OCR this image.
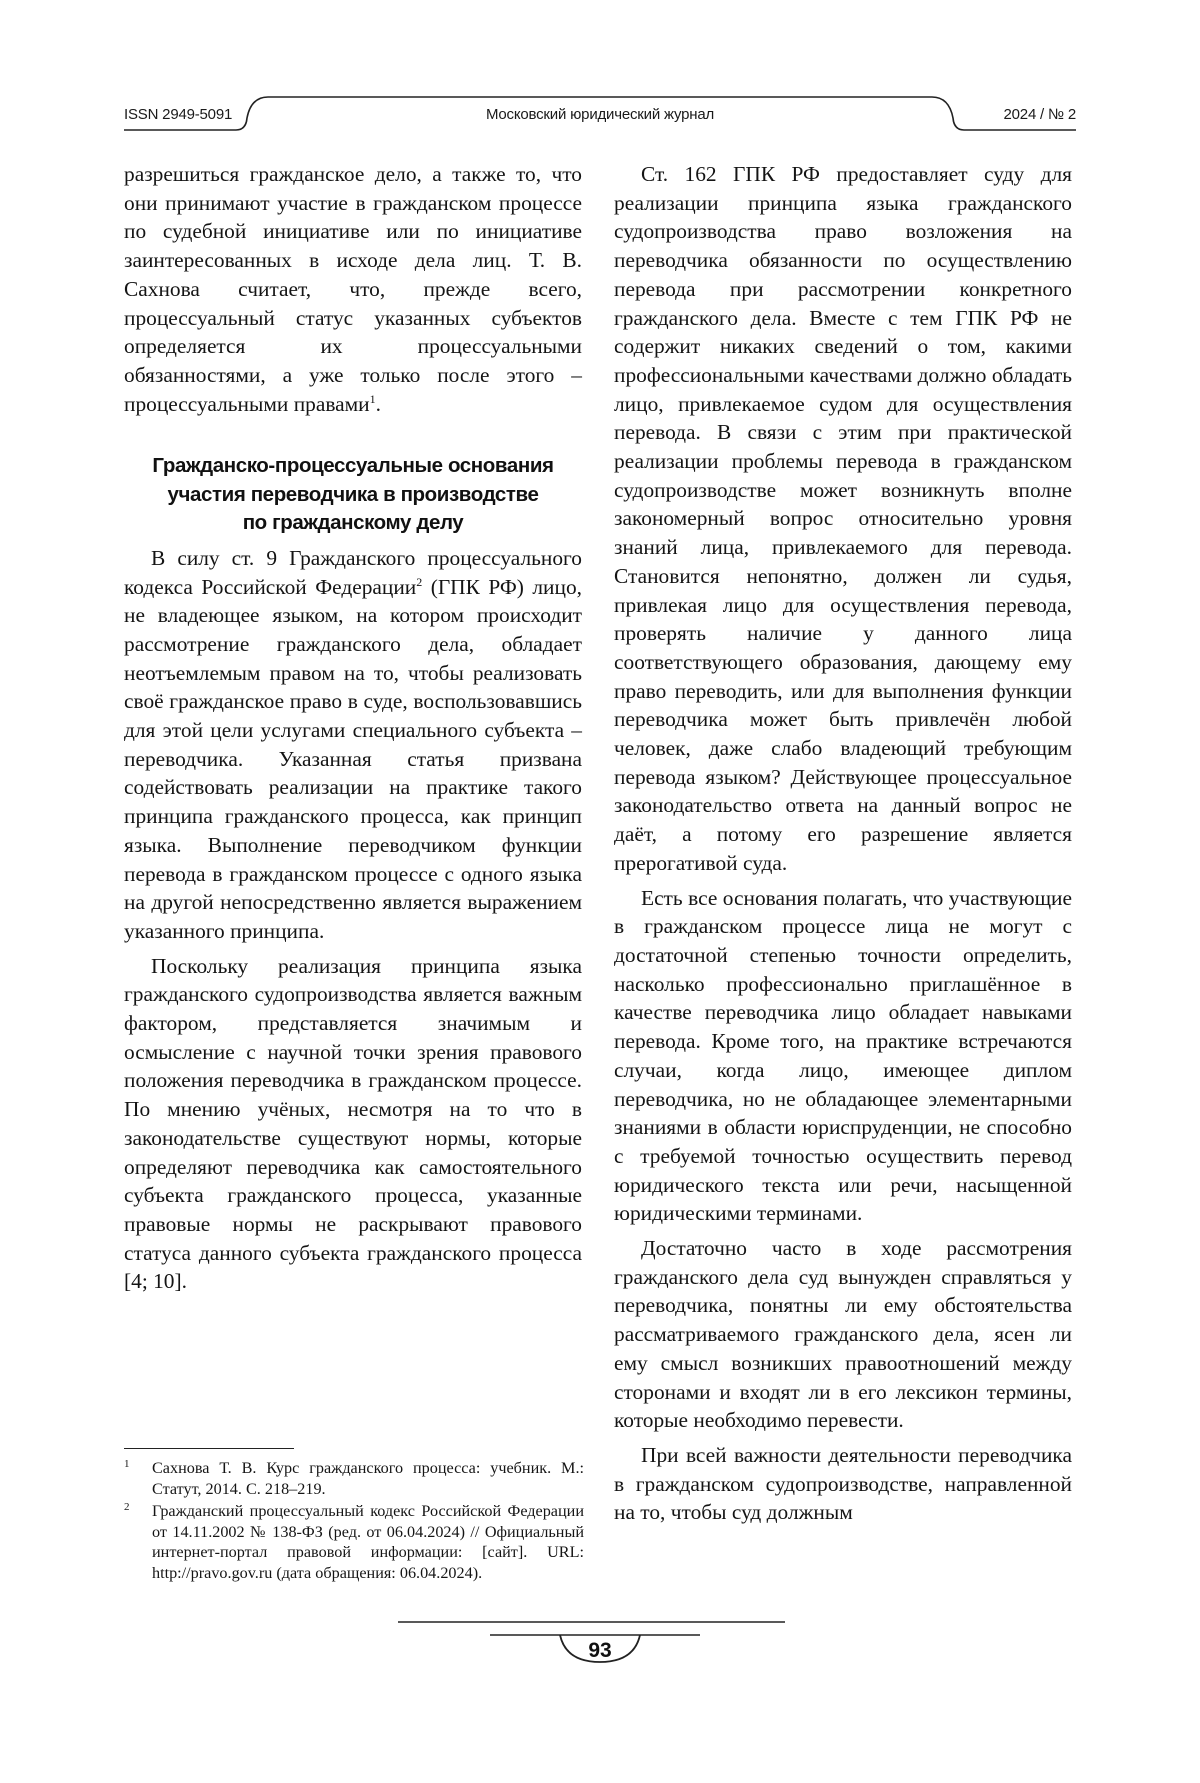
ISSN 2949-5091	Московский юридический журнал	2024 / № 2

разрешиться гражданское дело, а также то, что они принимают участие в гражданском процессе по судебной инициативе или по инициативе заинтересованных в исходе дела лиц. Т. В. Сахнова считает, что, прежде всего, процессуальный статус указанных субъектов определяется их процессуальными обязанностями, а уже только после этого – процессуальными правами$^1$.

Гражданско-процессуальные основания
участия переводчика в производстве
по гражданскому делу

В силу ст. 9 Гражданского процессуального кодекса Российской Федерации$^2$ (ГПК РФ) лицо, не владеющее языком, на котором происходит рассмотрение гражданского дела, обладает неотъемлемым правом на то, чтобы реализовать своё гражданское право в суде, воспользовавшись для этой цели услугами специального субъекта – переводчика. Указанная статья призвана содействовать реализации на практике такого принципа гражданского процесса, как принцип языка. Выполнение переводчиком функции перевода в гражданском процессе с одного языка на другой непосредственно является выражением указанного принципа.

Поскольку реализация принципа языка гражданского судопроизводства является важным фактором, представляется значимым и осмысление с научной точки зрения правового положения переводчика в гражданском процессе. По мнению учёных, несмотря на то что в законодательстве существуют нормы, которые определяют переводчика как самостоятельного субъекта гражданского процесса, указанные правовые нормы не раскрывают правового статуса данного субъекта гражданского процесса [4; 10].

Ст. 162 ГПК РФ предоставляет суду для реализации принципа языка гражданского судопроизводства право возложения на переводчика обязанности по осуществлению перевода при рассмотрении конкретного гражданского дела. Вместе с тем ГПК РФ не содержит никаких сведений о том, какими профессиональными качествами должно обладать лицо, привлекаемое судом для осуществления перевода. В связи с этим при практической реализации проблемы перевода в гражданском судопроизводстве может возникнуть вполне закономерный вопрос относительно уровня знаний лица, привлекаемого для перевода. Становится непонятно, должен ли судья, привлекая лицо для осуществления перевода, проверять наличие у данного лица соответствующего образования, дающему ему право переводить, или для выполнения функции переводчика может быть привлечён любой человек, даже слабо владеющий требующим перевода языком? Действующее процессуальное законодательство ответа на данный вопрос не даёт, а потому его разрешение является прерогативой суда.

Есть все основания полагать, что участвующие в гражданском процессе лица не могут с достаточной степенью точности определить, насколько профессионально приглашённое в качестве переводчика лицо обладает навыками перевода. Кроме того, на практике встречаются случаи, когда лицо, имеющее диплом переводчика, но не обладающее элементарными знаниями в области юриспруденции, не способно с требуемой точностью осуществить перевод юридического текста или речи, насыщенной юридическими терминами.

Достаточно часто в ходе рассмотрения гражданского дела суд вынужден справляться у переводчика, понятны ли ему обстоятельства рассматриваемого гражданского дела, ясен ли ему смысл возникших правоотношений между сторонами и входят ли в его лексикон термины, которые необходимо перевести.

При всей важности деятельности переводчика в гражданском судопроизводстве, направленной на то, чтобы суд должным

1 Сахнова Т. В. Курс гражданского процесса: учебник. М.: Статут, 2014. С. 218–219.
2 Гражданский процессуальный кодекс Российской Федерации от 14.11.2002 № 138-ФЗ (ред. от 06.04.2024) // Официальный интернет-портал правовой информации: [сайт]. URL: http://pravo.gov.ru (дата обращения: 06.04.2024).
93
